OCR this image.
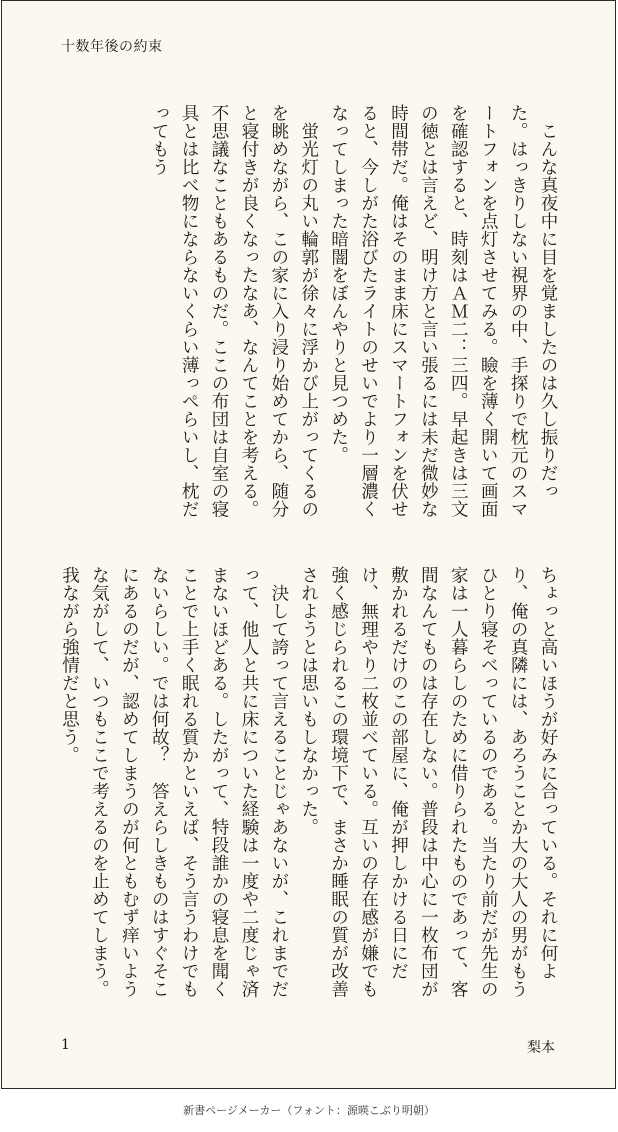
十数年後の約束

こんな真夜中に目を覚ましたのは久し振りだった。はっきりしない視界の中、手探りで枕元のスマートフォンを点灯させてみる。瞼を薄く開いて画面を確認すると、時刻はＡＭ二：三四。早起きは三文の徳とは言えど、明け方と言い張るには未だ微妙な時間帯だ。俺はそのまま床にスマートフォンを伏せると、今しがた浴びたライトのせいでより一層濃くなってしまった暗闇をぼんやりと見つめた。

蛍光灯の丸い輪郭が徐々に浮かび上がってくるのを眺めながら、この家に入り浸り始めてから、随分と寝付きが良くなったなあ、なんてことを考える。不思議なこともあるものだ。ここの布団は自室の寝具とは比べ物にならないくらい薄っぺらいし、枕だってもう

ちょっと高いほうが好みに合っている。それに何より、俺の真隣には、あろうことか大の大人の男がもうひとり寝そべっているのである。当たり前だが先生の家は一人暮らしのために借りられたものであって、客間なんてものは存在しない。普段は中心に一枚布団が敷かれるだけのこの部屋に、俺が押しかける日にだけ、無理やり二枚並べている。互いの存在感が嫌でも強く感じられるこの環境下で、まさか睡眠の質が改善されようとは思いもしなかった。

決して誇って言えることじゃあないが、これまでだって、他人と共に床についた経験は一度や二度じゃ済まないほどある。したがって、特段誰かの寝息を聞くことで上手く眠れる質かといえば、そう言うわけでもないらしい。では何故？　答えらしきものはすぐそこにあるのだが、認めてしまうのが何ともむず痒いような気がして、いつもここで考えるのを止めてしまう。我ながら強情だと思う。

1	梨本
新書ページメーカー（フォント：源暎こぶり明朝）
